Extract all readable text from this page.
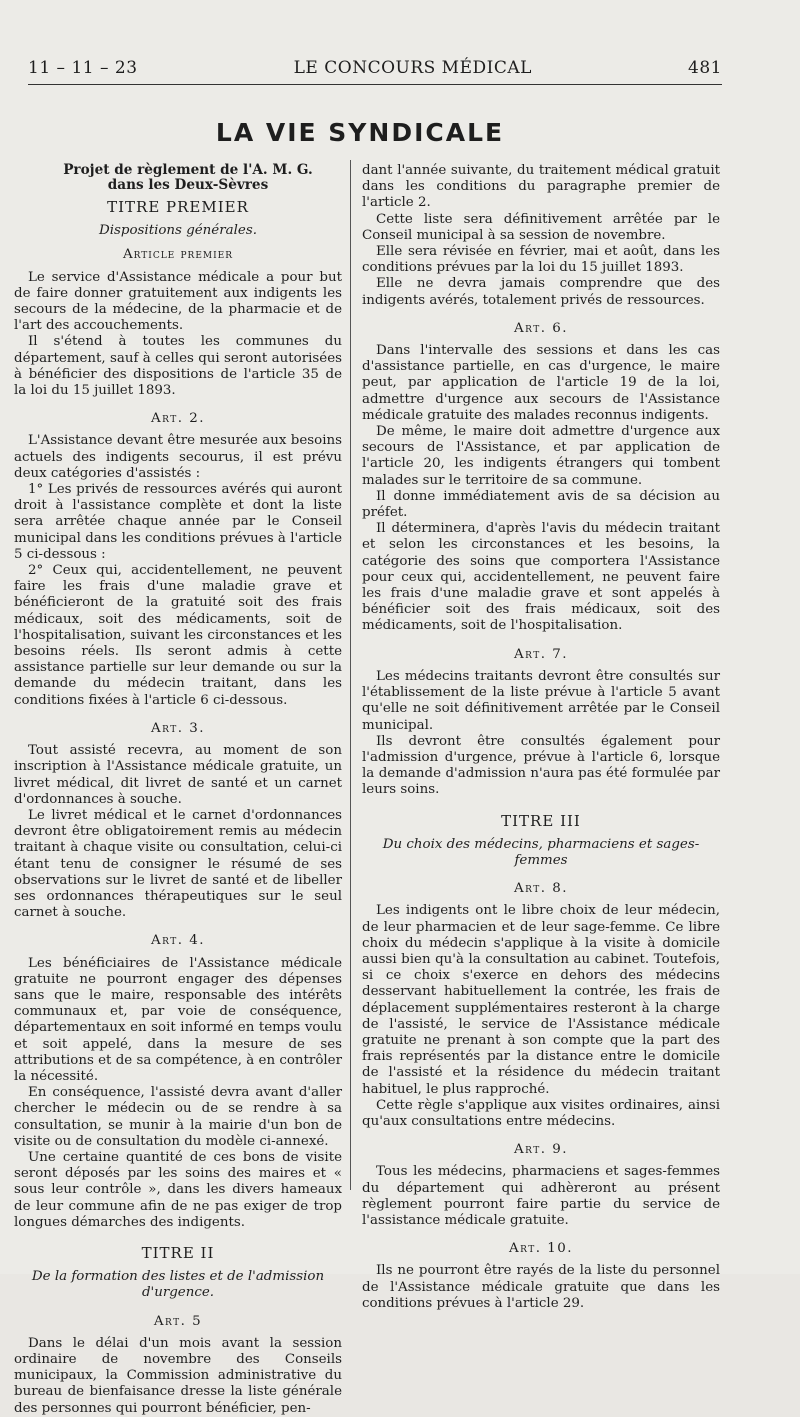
11 – 11 – 23	LE CONCOURS MÉDICAL	481
LA VIE SYNDICALE
Projet de règlement de l'A. M. G.
dans les Deux-Sèvres
TITRE PREMIER
Dispositions générales.
Article premier

Le service d'Assistance médicale a pour but de faire donner gratuitement aux indigents les secours de la médecine, de la pharmacie et de l'art des accouchements.

Il s'étend à toutes les communes du département, sauf à celles qui seront autorisées à bénéficier des dispositions de l'article 35 de la loi du 15 juillet 1893.

Art. 2.

L'Assistance devant être mesurée aux besoins actuels des indigents secourus, il est prévu deux catégories d'assistés :

1° Les privés de ressources avérés qui auront droit à l'assistance complète et dont la liste sera arrêtée chaque année par le Conseil municipal dans les conditions prévues à l'article 5 ci-dessous :

2° Ceux qui, accidentellement, ne peuvent faire les frais d'une maladie grave et bénéficieront de la gratuité soit des frais médicaux, soit des médicaments, soit de l'hospitalisation, suivant les circonstances et les besoins réels. Ils seront admis à cette assistance partielle sur leur demande ou sur la demande du médecin traitant, dans les conditions fixées à l'article 6 ci-dessous.

Art. 3.

Tout assisté recevra, au moment de son inscription à l'Assistance médicale gratuite, un livret médical, dit livret de santé et un carnet d'ordonnances à souche.

Le livret médical et le carnet d'ordonnances devront être obligatoirement remis au médecin traitant à chaque visite ou consultation, celui-ci étant tenu de consigner le résumé de ses observations sur le livret de santé et de libeller ses ordonnances thérapeutiques sur le seul carnet à souche.

Art. 4.

Les bénéficiaires de l'Assistance médicale gratuite ne pourront engager des dépenses sans que le maire, responsable des intérêts communaux et, par voie de conséquence, départementaux en soit informé en temps voulu et soit appelé, dans la mesure de ses attributions et de sa compétence, à en contrôler la nécessité.

En conséquence, l'assisté devra avant d'aller chercher le médecin ou de se rendre à sa consultation, se munir à la mairie d'un bon de visite ou de consultation du modèle ci-annexé.

Une certaine quantité de ces bons de visite seront déposés par les soins des maires et « sous leur contrôle », dans les divers hameaux de leur commune afin de ne pas exiger de trop longues démarches des indigents.

TITRE II
De la formation des listes et de l'admission d'urgence.
Art. 5

Dans le délai d'un mois avant la session ordinaire de novembre des Conseils municipaux, la Commission administrative du bureau de bienfaisance dresse la liste générale des personnes qui pourront bénéficier, pen-

dant l'année suivante, du traitement médical gratuit dans les conditions du paragraphe premier de l'article 2.

Cette liste sera définitivement arrêtée par le Conseil municipal à sa session de novembre.

Elle sera révisée en février, mai et août, dans les conditions prévues par la loi du 15 juillet 1893.

Elle ne devra jamais comprendre que des indigents avérés, totalement privés de ressources.

Art. 6.

Dans l'intervalle des sessions et dans les cas d'assistance partielle, en cas d'urgence, le maire peut, par application de l'article 19 de la loi, admettre d'urgence aux secours de l'Assistance médicale gratuite des malades reconnus indigents.

De même, le maire doit admettre d'urgence aux secours de l'Assistance, et par application de l'article 20, les indigents étrangers qui tombent malades sur le territoire de sa commune.

Il donne immédiatement avis de sa décision au préfet.

Il déterminera, d'après l'avis du médecin traitant et selon les circonstances et les besoins, la catégorie des soins que comportera l'Assistance pour ceux qui, accidentellement, ne peuvent faire les frais d'une maladie grave et sont appelés à bénéficier soit des frais médicaux, soit des médicaments, soit de l'hospitalisation.

Art. 7.

Les médecins traitants devront être consultés sur l'établissement de la liste prévue à l'article 5 avant qu'elle ne soit définitivement arrêtée par le Conseil municipal.

Ils devront être consultés également pour l'admission d'urgence, prévue à l'article 6, lorsque la demande d'admission n'aura pas été formulée par leurs soins.

TITRE III
Du choix des médecins, pharmaciens et sages-femmes
Art. 8.

Les indigents ont le libre choix de leur médecin, de leur pharmacien et de leur sage-femme. Ce libre choix du médecin s'applique à la visite à domicile aussi bien qu'à la consultation au cabinet. Toutefois, si ce choix s'exerce en dehors des médecins desservant habituellement la contrée, les frais de déplacement supplémentaires resteront à la charge de l'assisté, le service de l'Assistance médicale gratuite ne prenant à son compte que la part des frais représentés par la distance entre le domicile de l'assisté et la résidence du médecin traitant habituel, le plus rapproché.

Cette règle s'applique aux visites ordinaires, ainsi qu'aux consultations entre médecins.

Art. 9.

Tous les médecins, pharmaciens et sages-femmes du département qui adhèreront au présent règlement pourront faire partie du service de l'assistance médicale gratuite.

Art. 10.

Ils ne pourront être rayés de la liste du personnel de l'Assistance médicale gratuite que dans les conditions prévues à l'article 29.
